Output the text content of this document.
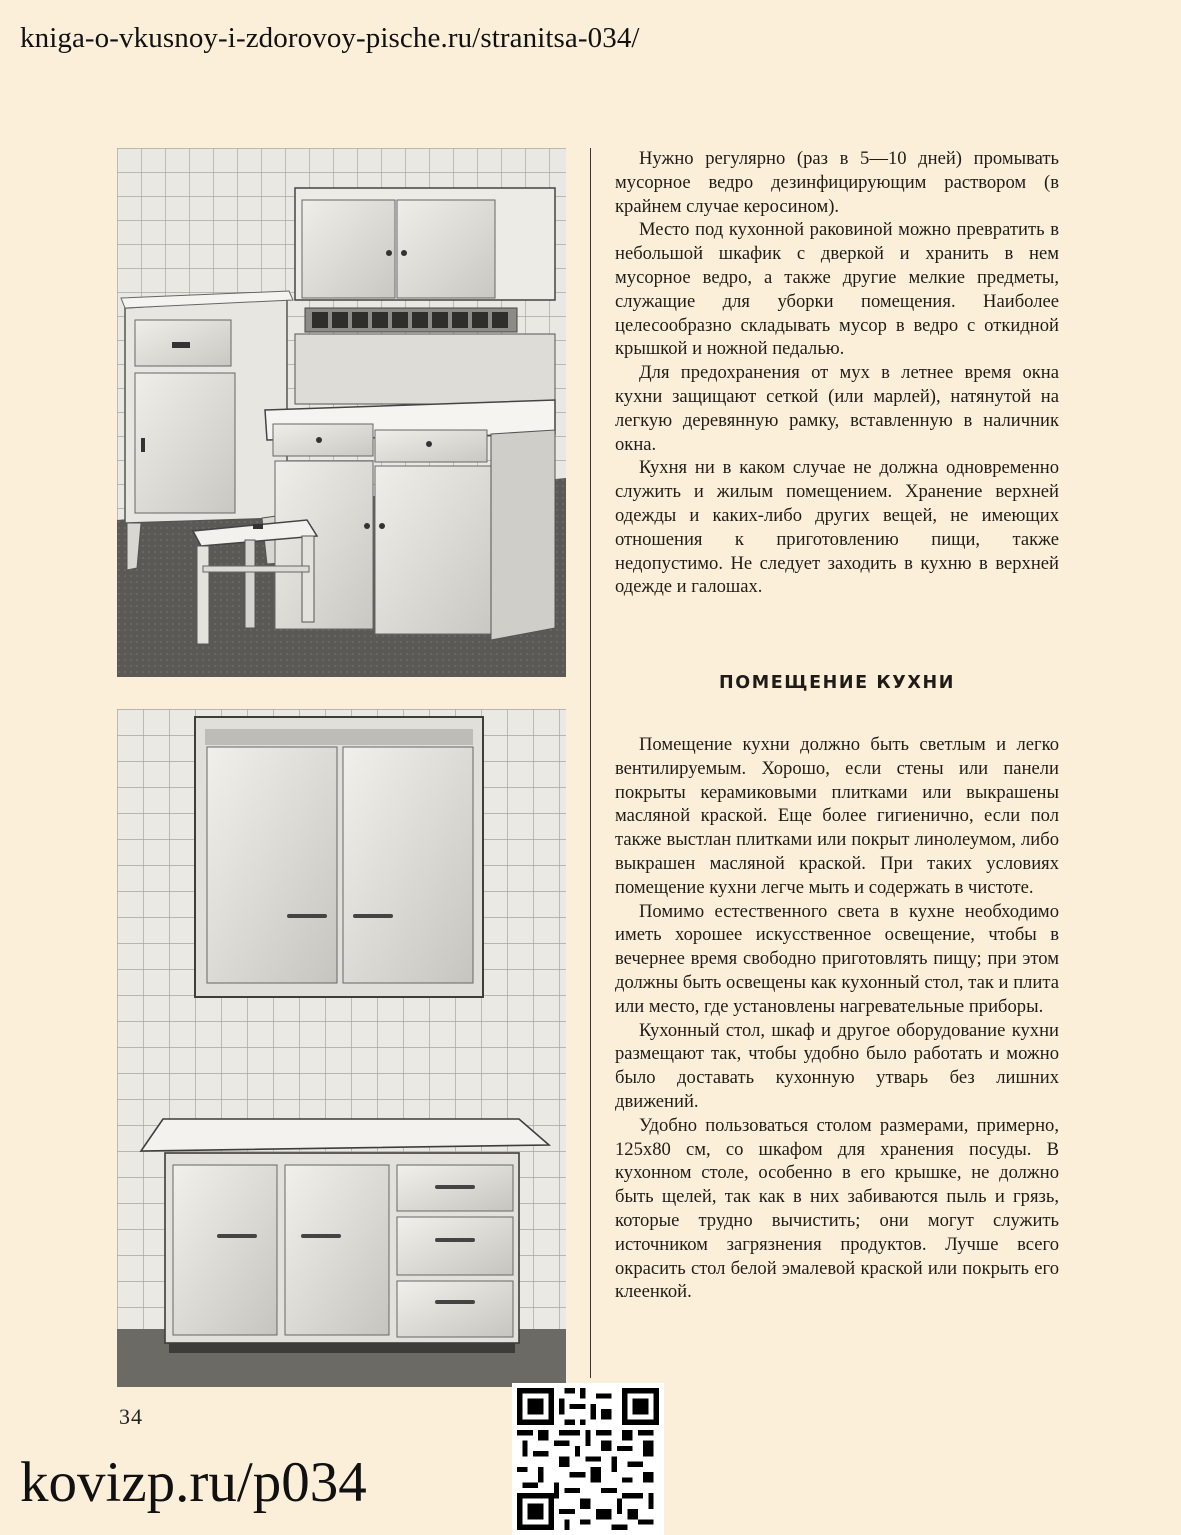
kniga-o-vkusnoy-i-zdorovoy-pische.ru/stranitsa-034/

Нужно регулярно (раз в 5—10 дней) промывать мусорное ведро дезинфицирующим раствором (в крайнем случае керосином).

Место под кухонной раковиной можно превратить в небольшой шкафик с дверкой и хранить в нем мусорное ведро, а также другие мелкие предметы, служащие для уборки помещения. Наиболее целесообразно складывать мусор в ведро с откидной крышкой и ножной педалью.

Для предохранения от мух в летнее время окна кухни защищают сеткой (или марлей), натянутой на легкую деревянную рамку, вставленную в наличник окна.

Кухня ни в каком случае не должна одновременно служить и жилым помещением. Хранение верхней одежды и каких-либо других вещей, не имеющих отношения к приготовлению пищи, также недопустимо. Не следует заходить в кухню в верхней одежде и галошах.

ПОМЕЩЕНИЕ КУХНИ

Помещение кухни должно быть светлым и легко вентилируемым. Хорошо, если стены или панели покрыты керамиковыми плитками или выкрашены масляной краской. Еще более гигиенично, если пол также выстлан плитками или покрыт линолеумом, либо выкрашен масляной краской. При таких условиях помещение кухни легче мыть и содержать в чистоте.

Помимо естественного света в кухне необходимо иметь хорошее искусственное освещение, чтобы в вечернее время свободно приготовлять пищу; при этом должны быть освещены как кухонный стол, так и плита или место, где установлены нагревательные приборы.

Кухонный стол, шкаф и другое оборудование кухни размещают так, чтобы удобно было работать и можно было доставать кухонную утварь без лишних движений.

Удобно пользоваться столом размерами, примерно, 125x80 см, со шкафом для хранения посуды. В кухонном столе, особенно в его крышке, не должно быть щелей, так как в них забиваются пыль и грязь, которые трудно вычистить; они могут служить источником загрязнения продуктов. Лучше всего окрасить стол белой эмалевой краской или покрыть его клеенкой.

34
kovizp.ru/p034
